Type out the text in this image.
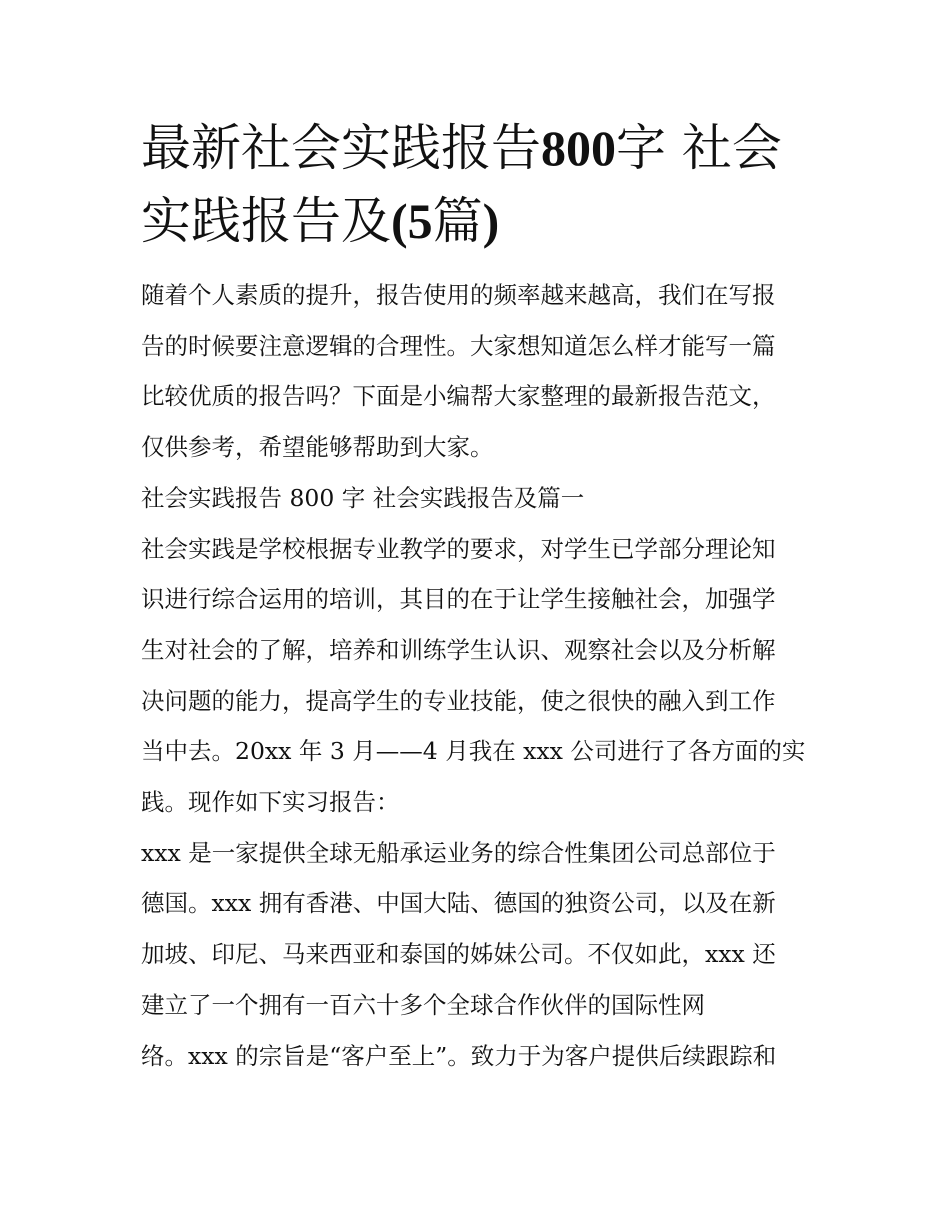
最新社会实践报告800字 社会
实践报告及(5篇)

随着个人素质的提升，报告使用的频率越来越高，我们在写报
告的时候要注意逻辑的合理性。大家想知道怎么样才能写一篇
比较优质的报告吗？下面是小编帮大家整理的最新报告范文，
仅供参考，希望能够帮助到大家。

社会实践报告 800 字 社会实践报告及篇一

社会实践是学校根据专业教学的要求，对学生已学部分理论知
识进行综合运用的培训，其目的在于让学生接触社会，加强学
生对社会的了解，培养和训练学生认识、观察社会以及分析解
决问题的能力，提高学生的专业技能，使之很快的融入到工作
当中去。20xx 年 3 月——4 月我在 xxx 公司进行了各方面的实
践。现作如下实习报告：

xxx 是一家提供全球无船承运业务的综合性集团公司总部位于
德国。xxx 拥有香港、中国大陆、德国的独资公司，以及在新
加坡、印尼、马来西亚和泰国的姊妹公司。不仅如此，xxx 还
建立了一个拥有一百六十多个全球合作伙伴的国际性网
络。xxx 的宗旨是“客户至上”。致力于为客户提供后续跟踪和
